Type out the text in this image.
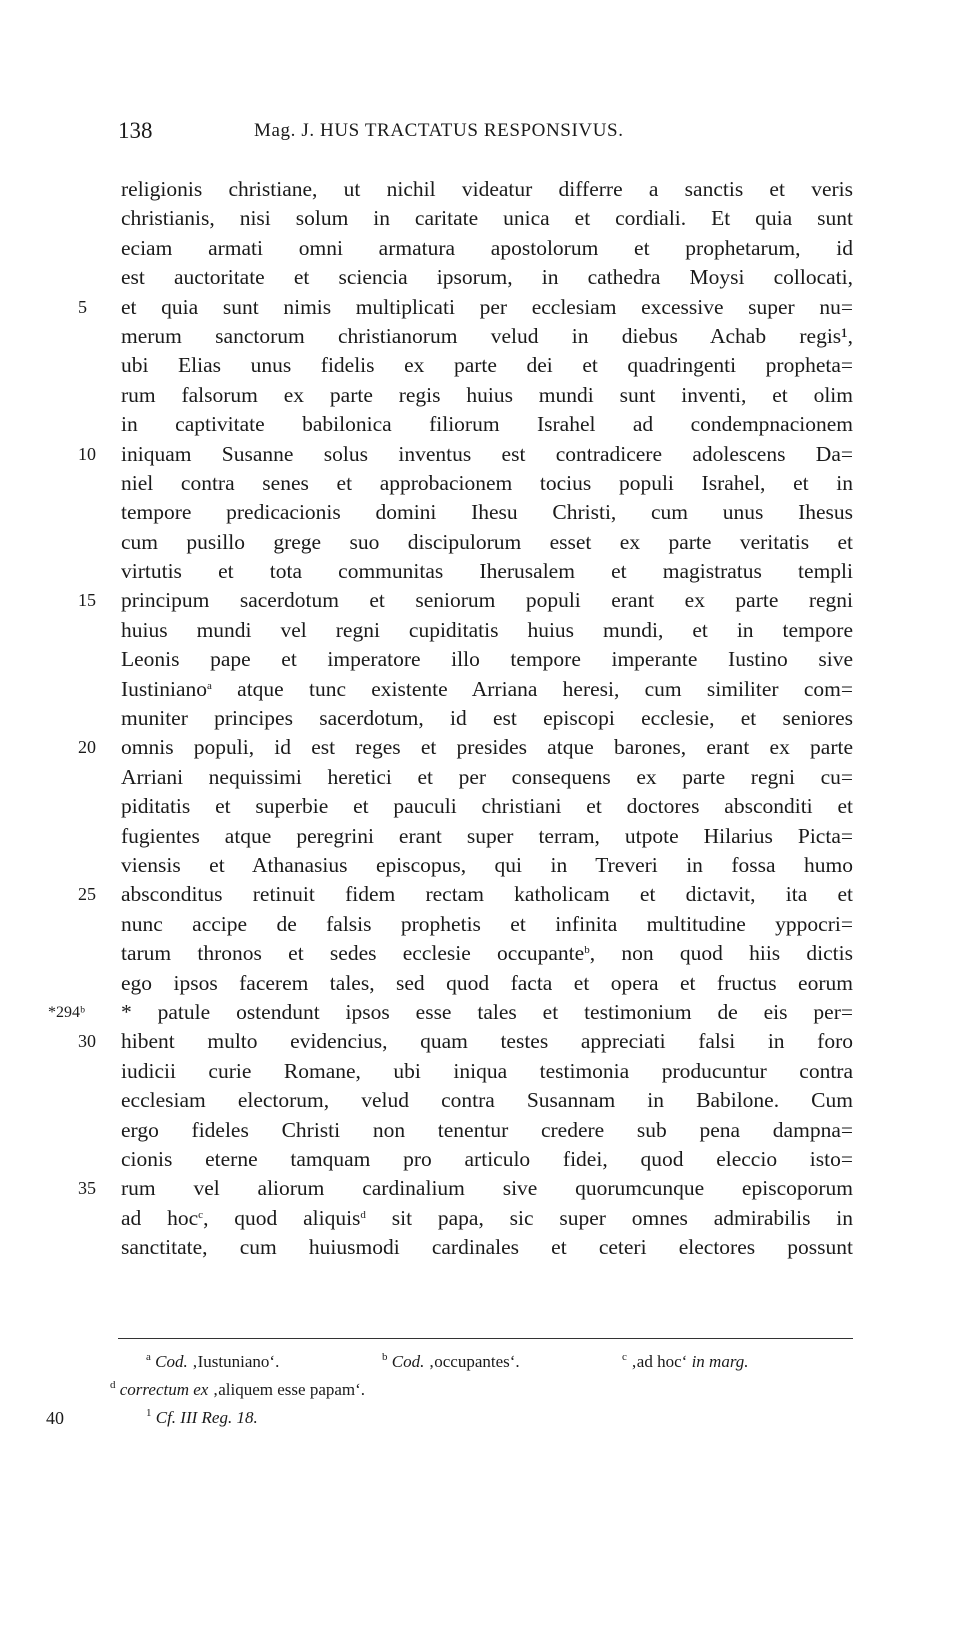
138	Mag. J. HUS TRACTATUS RESPONSIVUS.
religionis christiane, ut nichil videatur differre a sanctis et veris
christianis, nisi solum in caritate unica et cordiali. Et quia sunt
eciam armati omni armatura apostolorum et prophetarum, id
est auctoritate et sciencia ipsorum, in cathedra Moysi collocati,
5	et quia sunt nimis multiplicati per ecclesiam excessive super nu=
merum sanctorum christianorum velud in diebus Achab regis¹,
ubi Elias unus fidelis ex parte dei et quadringenti propheta=
rum falsorum ex parte regis huius mundi sunt inventi, et olim
in captivitate babilonica filiorum Israhel ad condempnacionem
10	iniquam Susanne solus inventus est contradicere adolescens Da=
niel contra senes et approbacionem tocius populi Israhel, et in
tempore predicacionis domini Ihesu Christi, cum unus Ihesus
cum pusillo grege suo discipulorum esset ex parte veritatis et
virtutis et tota communitas Iherusalem et magistratus templi
15	principum sacerdotum et seniorum populi erant ex parte regni
huius mundi vel regni cupiditatis huius mundi, et in tempore
Leonis pape et imperatore illo tempore imperante Iustino sive
Iustiniano$^a$ atque tunc existente Arriana heresi, cum similiter com=
muniter principes sacerdotum, id est episcopi ecclesie, et seniores
20	omnis populi, id est reges et presides atque barones, erant ex parte
Arriani nequissimi heretici et per consequens ex parte regni cu=
piditatis et superbie et pauculi christiani et doctores absconditi et
fugientes atque peregrini erant super terram, utpote Hilarius Picta=
viensis et Athanasius episcopus, qui in Treveri in fossa humo
25	absconditus retinuit fidem rectam katholicam et dictavit, ita et
nunc accipe de falsis prophetis et infinita multitudine yppocri=
tarum thronos et sedes ecclesie occupante$^b$, non quod hiis dictis
ego ipsos facerem tales, sed quod facta et opera et fructus eorum
*294ᵇ	* patule ostendunt ipsos esse tales et testimonium de eis per=
30	hibent multo evidencius, quam testes appreciati falsi in foro
iudicii curie Romane, ubi iniqua testimonia producuntur contra
ecclesiam electorum, velud contra Susannam in Babilone. Cum
ergo fideles Christi non tenentur credere sub pena dampna=
cionis eterne tamquam pro articulo fidei, quod eleccio isto=
35	rum vel aliorum cardinalium sive quorumcunque episcoporum
ad hoc$^c$, quod aliquis$^d$ sit papa, sic super omnes admirabilis in
sanctitate, cum huiusmodi cardinales et ceteri electores possunt
$^a$ Cod. ‚Iustuniano‘.	$^b$ Cod. ‚occupantes‘.	$^c$ ‚ad hoc‘ in marg.
$^d$ correctum ex ‚aliquem esse papam‘.
40	$^1$ Cf. III Reg. 18.
